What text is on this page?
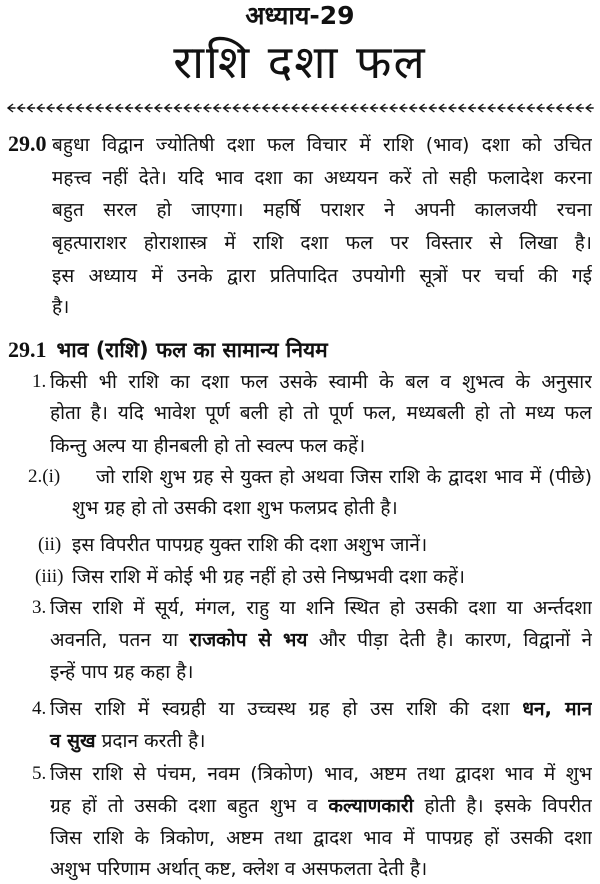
अध्याय-29
राशि दशा फल
29.0 बहुधा विद्वान ज्योतिषी दशा फल विचार में राशि (भाव) दशा को उचित
महत्त्व नहीं देते। यदि भाव दशा का अध्ययन करें तो सही फलादेश करना
बहुत सरल हो जाएगा। महर्षि पराशर ने अपनी कालजयी रचना
बृहत्पाराशर होराशास्त्र में राशि दशा फल पर विस्तार से लिखा है।
इस अध्याय में उनके द्वारा प्रतिपादित उपयोगी सूत्रों पर चर्चा की गई
है।
29.1 भाव (राशि) फल का सामान्य नियम
1. किसी भी राशि का दशा फल उसके स्वामी के बल व शुभत्व के अनुसार
होता है। यदि भावेश पूर्ण बली हो तो पूर्ण फल, मध्यबली हो तो मध्य फल
किन्तु अल्प या हीनबली हो तो स्वल्प फल कहें।
2.(i) जो राशि शुभ ग्रह से युक्त हो अथवा जिस राशि के द्वादश भाव में (पीछे)
शुभ ग्रह हो तो उसकी दशा शुभ फलप्रद होती है।
(ii) इस विपरीत पापग्रह युक्त राशि की दशा अशुभ जानें।
(iii) जिस राशि में कोई भी ग्रह नहीं हो उसे निष्प्रभवी दशा कहें।
3. जिस राशि में सूर्य, मंगल, राहु या शनि स्थित हो उसकी दशा या अर्न्तदशा
अवनति, पतन या राजकोप से भय और पीड़ा देती है। कारण, विद्वानों ने
इन्हें पाप ग्रह कहा है।
4. जिस राशि में स्वग्रही या उच्चस्थ ग्रह हो उस राशि की दशा धन, मान
व सुख प्रदान करती है।
5. जिस राशि से पंचम, नवम (त्रिकोण) भाव, अष्टम तथा द्वादश भाव में शुभ
ग्रह हों तो उसकी दशा बहुत शुभ व कल्याणकारी होती है। इसके विपरीत
जिस राशि के त्रिकोण, अष्टम तथा द्वादश भाव में पापग्रह हों उसकी दशा
अशुभ परिणाम अर्थात् कष्ट, क्लेश व असफलता देती है।
